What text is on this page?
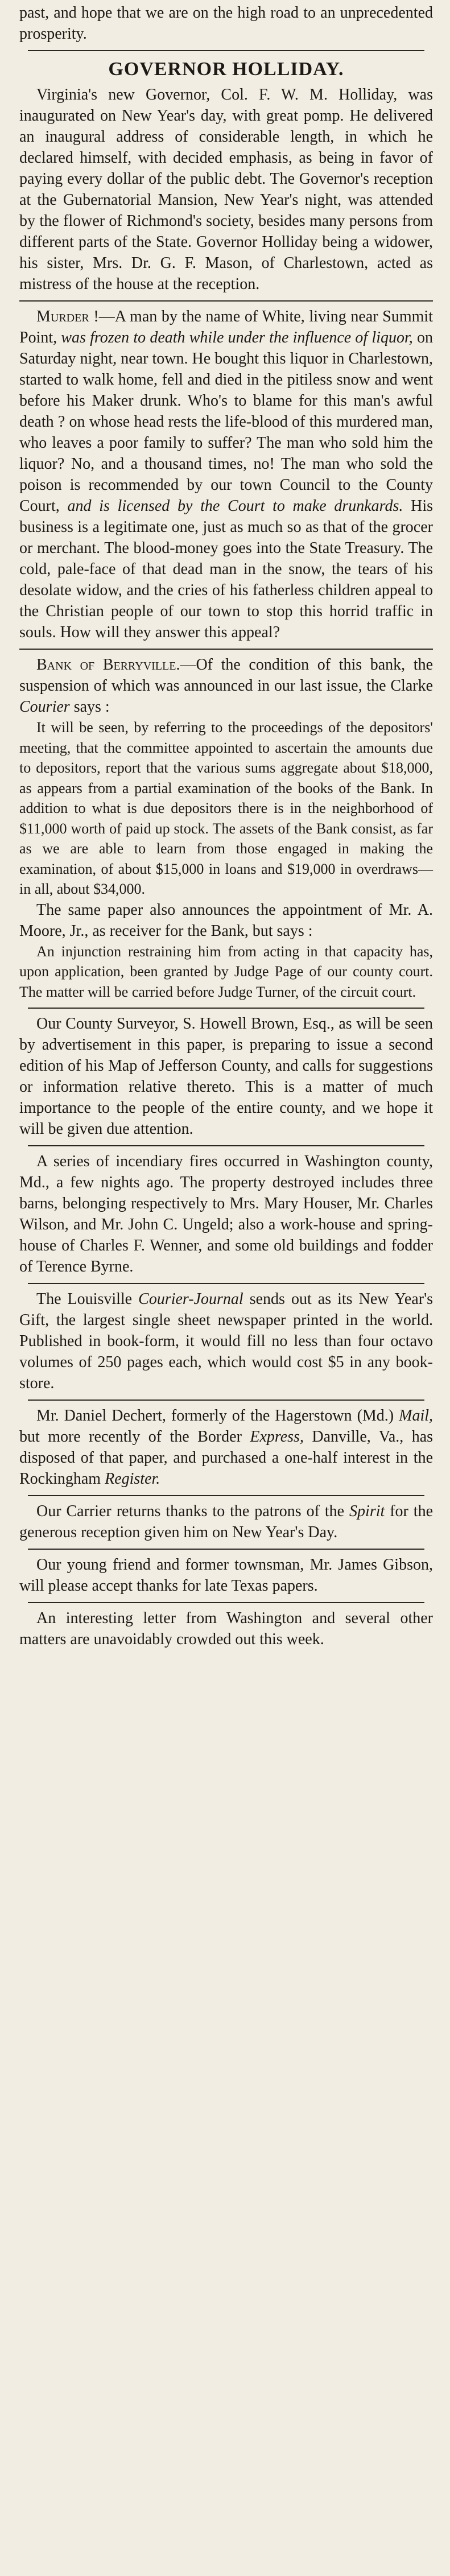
past, and hope that we are on the high road to an unprecedented prosperity.

GOVERNOR HOLLIDAY.

Virginia's new Governor, Col. F. W. M. Holliday, was inaugurated on New Year's day, with great pomp. He delivered an inaugural address of considerable length, in which he declared himself, with decided emphasis, as being in favor of paying every dollar of the public debt. The Governor's reception at the Gubernatorial Mansion, New Year's night, was attended by the flower of Richmond's society, besides many persons from different parts of the State. Governor Holliday being a widower, his sister, Mrs. Dr. G. F. Mason, of Charlestown, acted as mistress of the house at the reception.

Murder !—A man by the name of White, living near Summit Point, was frozen to death while under the influence of liquor, on Saturday night, near town. He bought this liquor in Charlestown, started to walk home, fell and died in the pitiless snow and went before his Maker drunk. Who's to blame for this man's awful death ? on whose head rests the life-blood of this murdered man, who leaves a poor family to suffer? The man who sold him the liquor? No, and a thousand times, no! The man who sold the poison is recommended by our town Council to the County Court, and is licensed by the Court to make drunkards. His business is a legitimate one, just as much so as that of the grocer or merchant. The blood-money goes into the State Treasury. The cold, pale-face of that dead man in the snow, the tears of his desolate widow, and the cries of his fatherless children appeal to the Christian people of our town to stop this horrid traffic in souls. How will they answer this appeal?

Bank of Berryville.—Of the condition of this bank, the suspension of which was announced in our last issue, the Clarke Courier says :

It will be seen, by referring to the proceedings of the depositors' meeting, that the committee appointed to ascertain the amounts due to depositors, report that the various sums aggregate about $18,000, as appears from a partial examination of the books of the Bank. In addition to what is due depositors there is in the neighborhood of $11,000 worth of paid up stock. The assets of the Bank consist, as far as we are able to learn from those engaged in making the examination, of about $15,000 in loans and $19,000 in overdraws—in all, about $34,000.

The same paper also announces the appointment of Mr. A. Moore, Jr., as receiver for the Bank, but says :

An injunction restraining him from acting in that capacity has, upon application, been granted by Judge Page of our county court. The matter will be carried before Judge Turner, of the circuit court.

Our County Surveyor, S. Howell Brown, Esq., as will be seen by advertisement in this paper, is preparing to issue a second edition of his Map of Jefferson County, and calls for suggestions or information relative thereto. This is a matter of much importance to the people of the entire county, and we hope it will be given due attention.

A series of incendiary fires occurred in Washington county, Md., a few nights ago. The property destroyed includes three barns, belonging respectively to Mrs. Mary Houser, Mr. Charles Wilson, and Mr. John C. Ungeld; also a work-house and spring-house of Charles F. Wenner, and some old buildings and fodder of Terence Byrne.

The Louisville Courier-Journal sends out as its New Year's Gift, the largest single sheet newspaper printed in the world. Published in book-form, it would fill no less than four octavo volumes of 250 pages each, which would cost $5 in any book-store.

Mr. Daniel Dechert, formerly of the Hagerstown (Md.) Mail, but more recently of the Border Express, Danville, Va., has disposed of that paper, and purchased a one-half interest in the Rockingham Register.

Our Carrier returns thanks to the patrons of the Spirit for the generous reception given him on New Year's Day.

Our young friend and former townsman, Mr. James Gibson, will please accept thanks for late Texas papers.

An interesting letter from Washington and several other matters are unavoidably crowded out this week.
